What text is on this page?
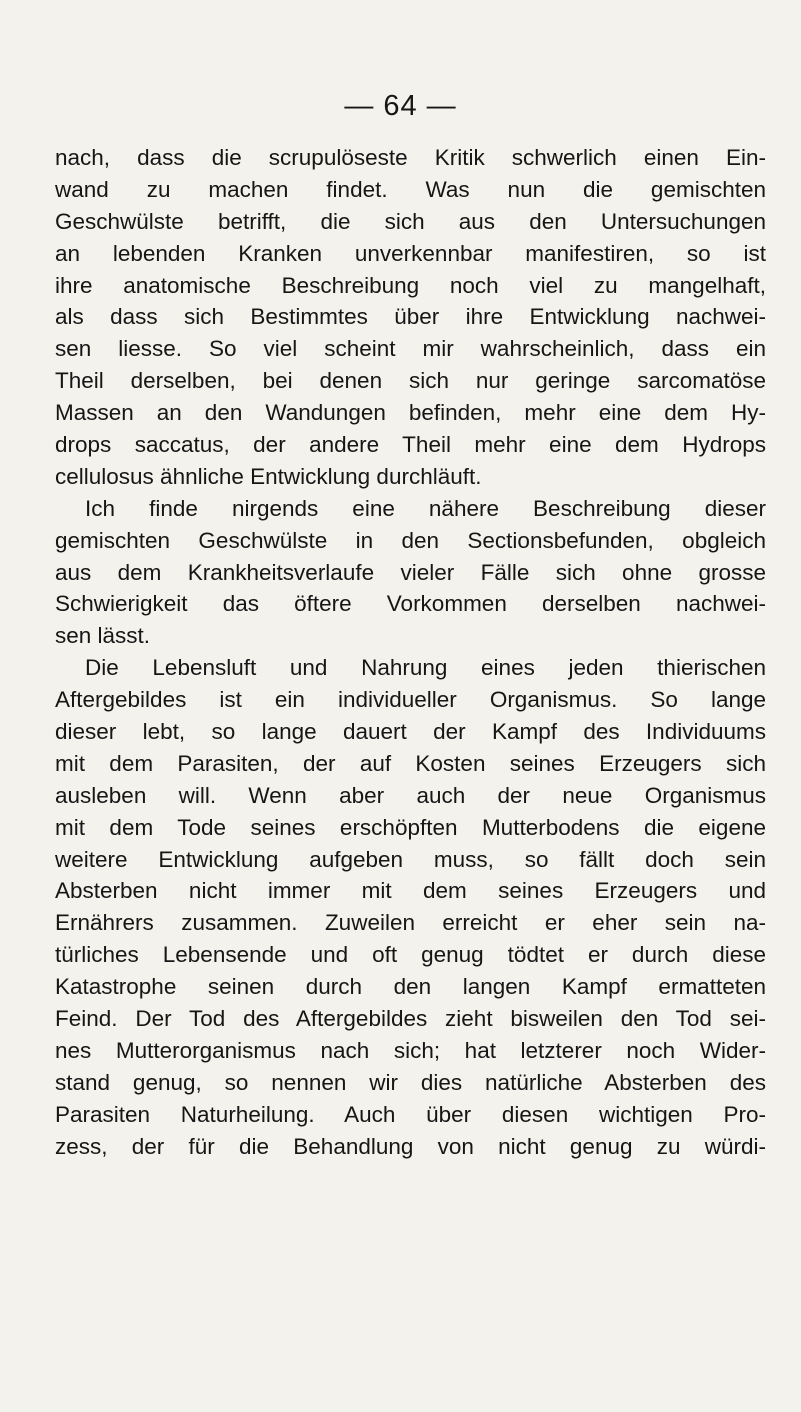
— 64 —
nach, dass die scrupulöseste Kritik schwerlich einen Ein-
wand zu machen findet. Was nun die gemischten
Geschwülste betrifft, die sich aus den Untersuchungen
an lebenden Kranken unverkennbar manifestiren, so ist
ihre anatomische Beschreibung noch viel zu mangelhaft,
als dass sich Bestimmtes über ihre Entwicklung nachwei-
sen liesse. So viel scheint mir wahrscheinlich, dass ein
Theil derselben, bei denen sich nur geringe sarcomatöse
Massen an den Wandungen befinden, mehr eine dem Hy-
drops saccatus, der andere Theil mehr eine dem Hydrops
cellulosus ähnliche Entwicklung durchläuft.
Ich finde nirgends eine nähere Beschreibung dieser
gemischten Geschwülste in den Sectionsbefunden, obgleich
aus dem Krankheitsverlaufe vieler Fälle sich ohne grosse
Schwierigkeit das öftere Vorkommen derselben nachwei-
sen lässt.
Die Lebensluft und Nahrung eines jeden thierischen
Aftergebildes ist ein individueller Organismus. So lange
dieser lebt, so lange dauert der Kampf des Individuums
mit dem Parasiten, der auf Kosten seines Erzeugers sich
ausleben will. Wenn aber auch der neue Organismus
mit dem Tode seines erschöpften Mutterbodens die eigene
weitere Entwicklung aufgeben muss, so fällt doch sein
Absterben nicht immer mit dem seines Erzeugers und
Ernährers zusammen. Zuweilen erreicht er eher sein na-
türliches Lebensende und oft genug tödtet er durch diese
Katastrophe seinen durch den langen Kampf ermatteten
Feind. Der Tod des Aftergebildes zieht bisweilen den Tod sei-
nes Mutterorganismus nach sich; hat letzterer noch Wider-
stand genug, so nennen wir dies natürliche Absterben des
Parasiten Naturheilung. Auch über diesen wichtigen Pro-
zess, der für die Behandlung von nicht genug zu würdi-
